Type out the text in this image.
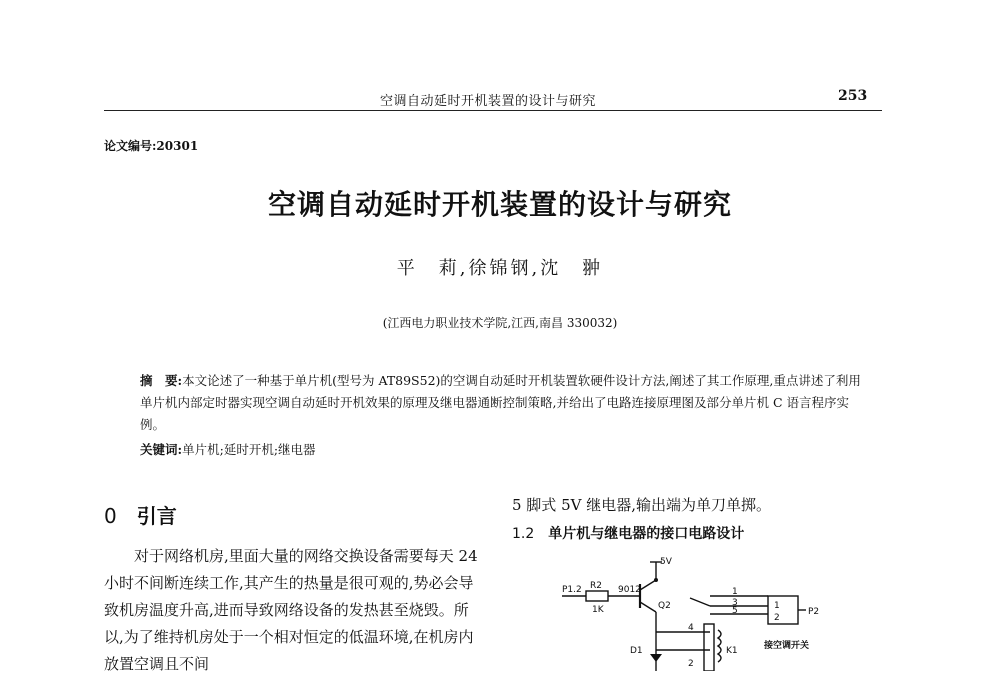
空调自动延时开机装置的设计与研究	253
论文编号:20301
空调自动延时开机装置的设计与研究
平　莉,徐锦钢,沈　翀
(江西电力职业技术学院,江西,南昌 330032)
摘　要:本文论述了一种基于单片机(型号为 AT89S52)的空调自动延时开机装置软硬件设计方法,阐述了其工作原理,重点讲述了利用单片机内部定时器实现空调自动延时开机效果的原理及继电器通断控制策略,并给出了电路连接原理图及部分单片机 C 语言程序实例。
关键词:单片机;延时开机;继电器
0 引言

对于网络机房,里面大量的网络交换设备需要每天 24 小时不间断连续工作,其产生的热量是很可观的,势必会导致机房温度升高,进而导致网络设备的发热甚至烧毁。所以,为了维持机房处于一个相对恒定的低温环境,在机房内放置空调且不间

5 脚式 5V 继电器,输出端为单刀单掷。
1.2 单片机与继电器的接口电路设计
5V
P1.2 R2
1K
9012
Q2
D1	K1
1
3
5
4
2
1
2
P2
接空调开关
